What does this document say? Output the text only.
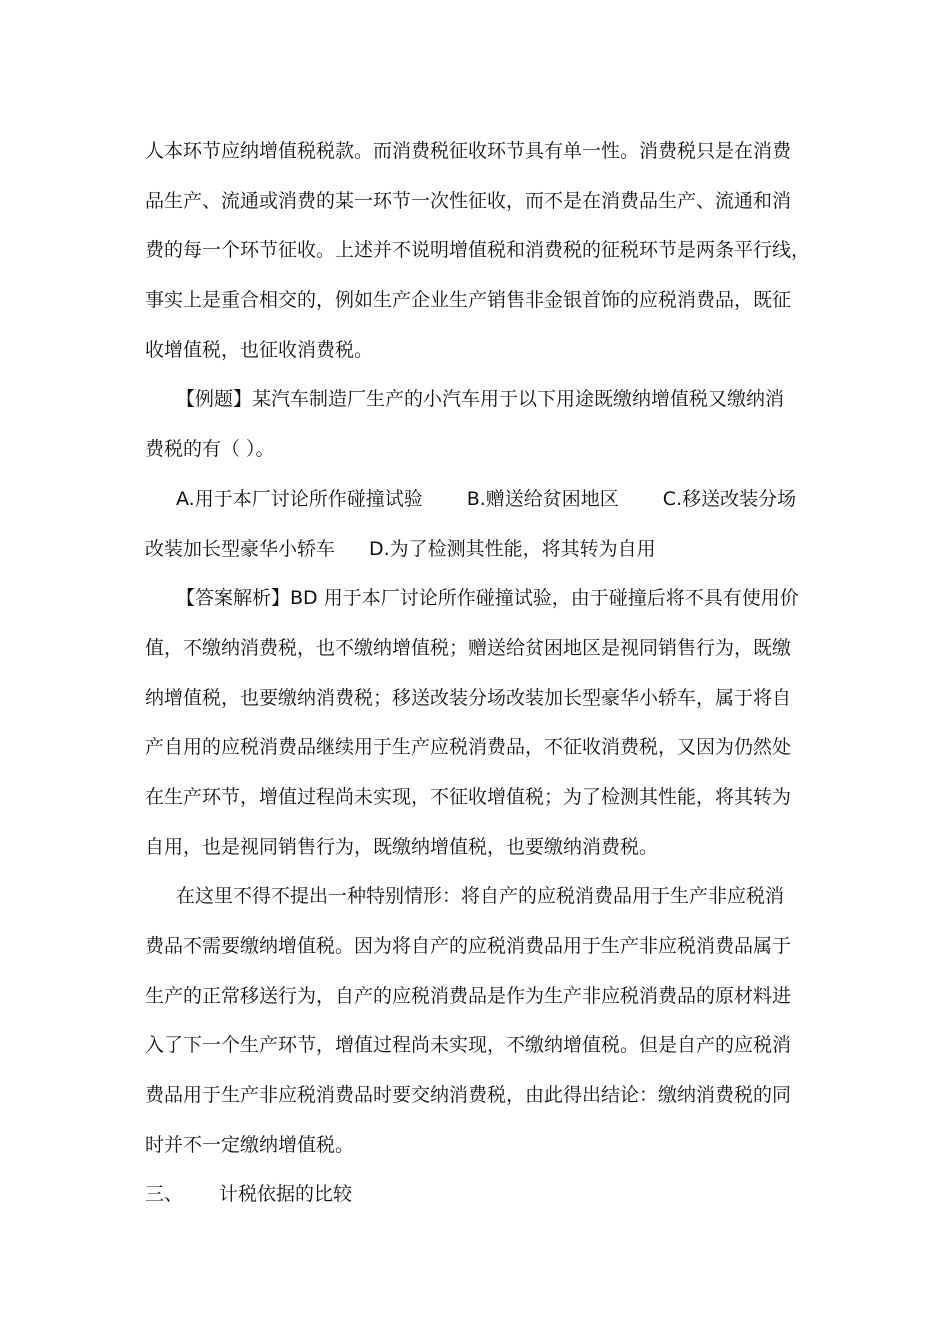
人本环节应纳增值税税款。而消费税征收环节具有单一性。消费税只是在消费
品生产、流通或消费的某一环节一次性征收，而不是在消费品生产、流通和消
费的每一个环节征收。上述并不说明增值税和消费税的征税环节是两条平行线，
事实上是重合相交的，例如生产企业生产销售非金银首饰的应税消费品，既征
收增值税，也征收消费税。
【例题】某汽车制造厂生产的小汽车用于以下用途既缴纳增值税又缴纳消
费税的有（ ）。
A.用于本厂讨论所作碰撞试验 B.赠送给贫困地区 C.移送改装分场
改装加长型豪华小轿车 D.为了检测其性能，将其转为自用
【答案解析】BD 用于本厂讨论所作碰撞试验，由于碰撞后将不具有使用价
值，不缴纳消费税，也不缴纳增值税；赠送给贫困地区是视同销售行为，既缴
纳增值税，也要缴纳消费税；移送改装分场改装加长型豪华小轿车，属于将自
产自用的应税消费品继续用于生产应税消费品，不征收消费税，又因为仍然处
在生产环节，增值过程尚未实现，不征收增值税；为了检测其性能，将其转为
自用，也是视同销售行为，既缴纳增值税，也要缴纳消费税。
在这里不得不提出一种特别情形：将自产的应税消费品用于生产非应税消
费品不需要缴纳增值税。因为将自产的应税消费品用于生产非应税消费品属于
生产的正常移送行为，自产的应税消费品是作为生产非应税消费品的原材料进
入了下一个生产环节，增值过程尚未实现，不缴纳增值税。但是自产的应税消
费品用于生产非应税消费品时要交纳消费税，由此得出结论：缴纳消费税的同
时并不一定缴纳增值税。
三、 计税依据的比较
